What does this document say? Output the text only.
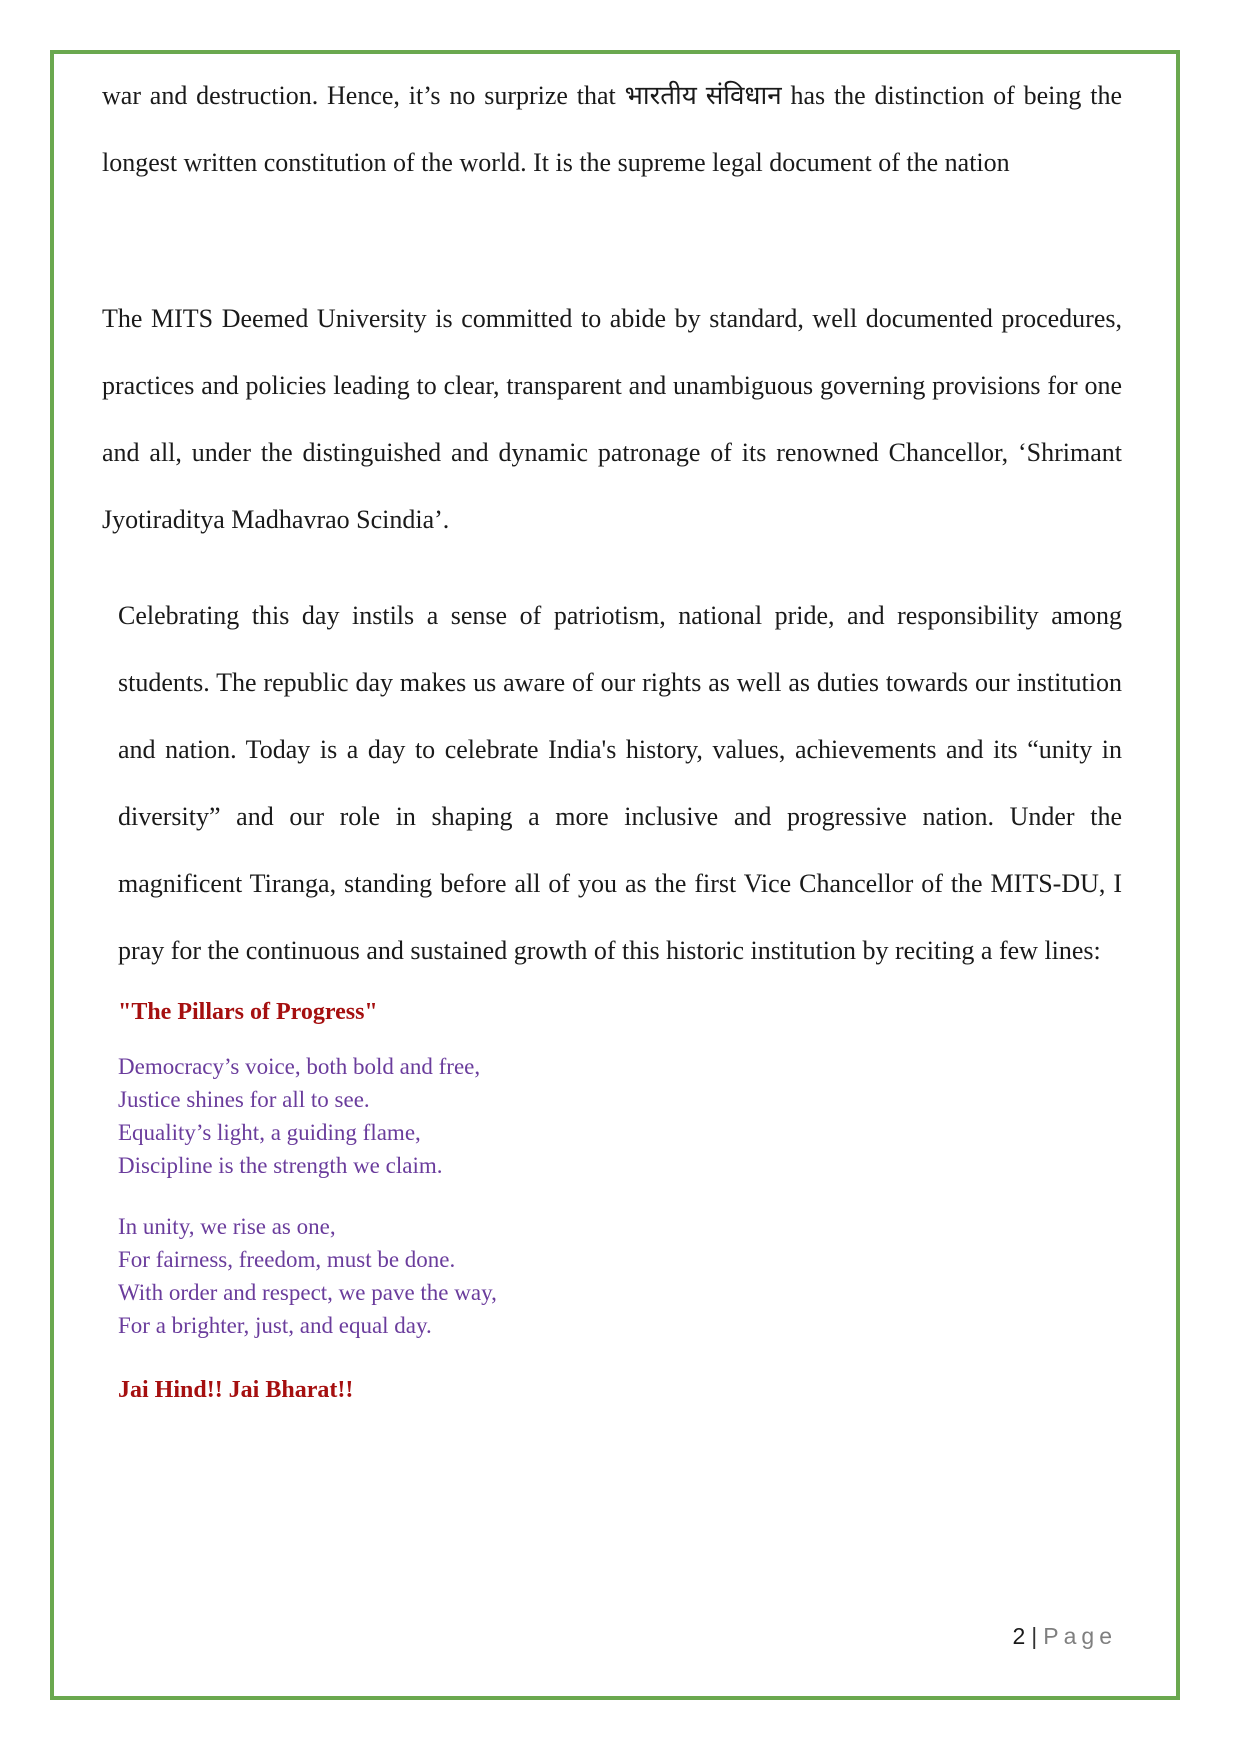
war and destruction. Hence, it’s no surprize that भारतीय संविधान has the distinction of being the longest written constitution of the world. It is the supreme legal document of the nation

The MITS Deemed University is committed to abide by standard, well documented procedures, practices and policies leading to clear, transparent and unambiguous governing provisions for one and all, under the distinguished and dynamic patronage of its renowned Chancellor, ‘Shrimant Jyotiraditya Madhavrao Scindia’.

Celebrating this day instils a sense of patriotism, national pride, and responsibility among students. The republic day makes us aware of our rights as well as duties towards our institution and nation. Today is a day to celebrate India's history, values, achievements and its “unity in diversity” and our role in shaping a more inclusive and progressive nation. Under the magnificent Tiranga, standing before all of you as the first Vice Chancellor of the MITS-DU, I pray for the continuous and sustained growth of this historic institution by reciting a few lines:

"The Pillars of Progress"
Democracy’s voice, both bold and free,
Justice shines for all to see.
Equality’s light, a guiding flame,
Discipline is the strength we claim.
In unity, we rise as one,
For fairness, freedom, must be done.
With order and respect, we pave the way,
For a brighter, just, and equal day.
Jai Hind!! Jai Bharat!!
2 | Page
